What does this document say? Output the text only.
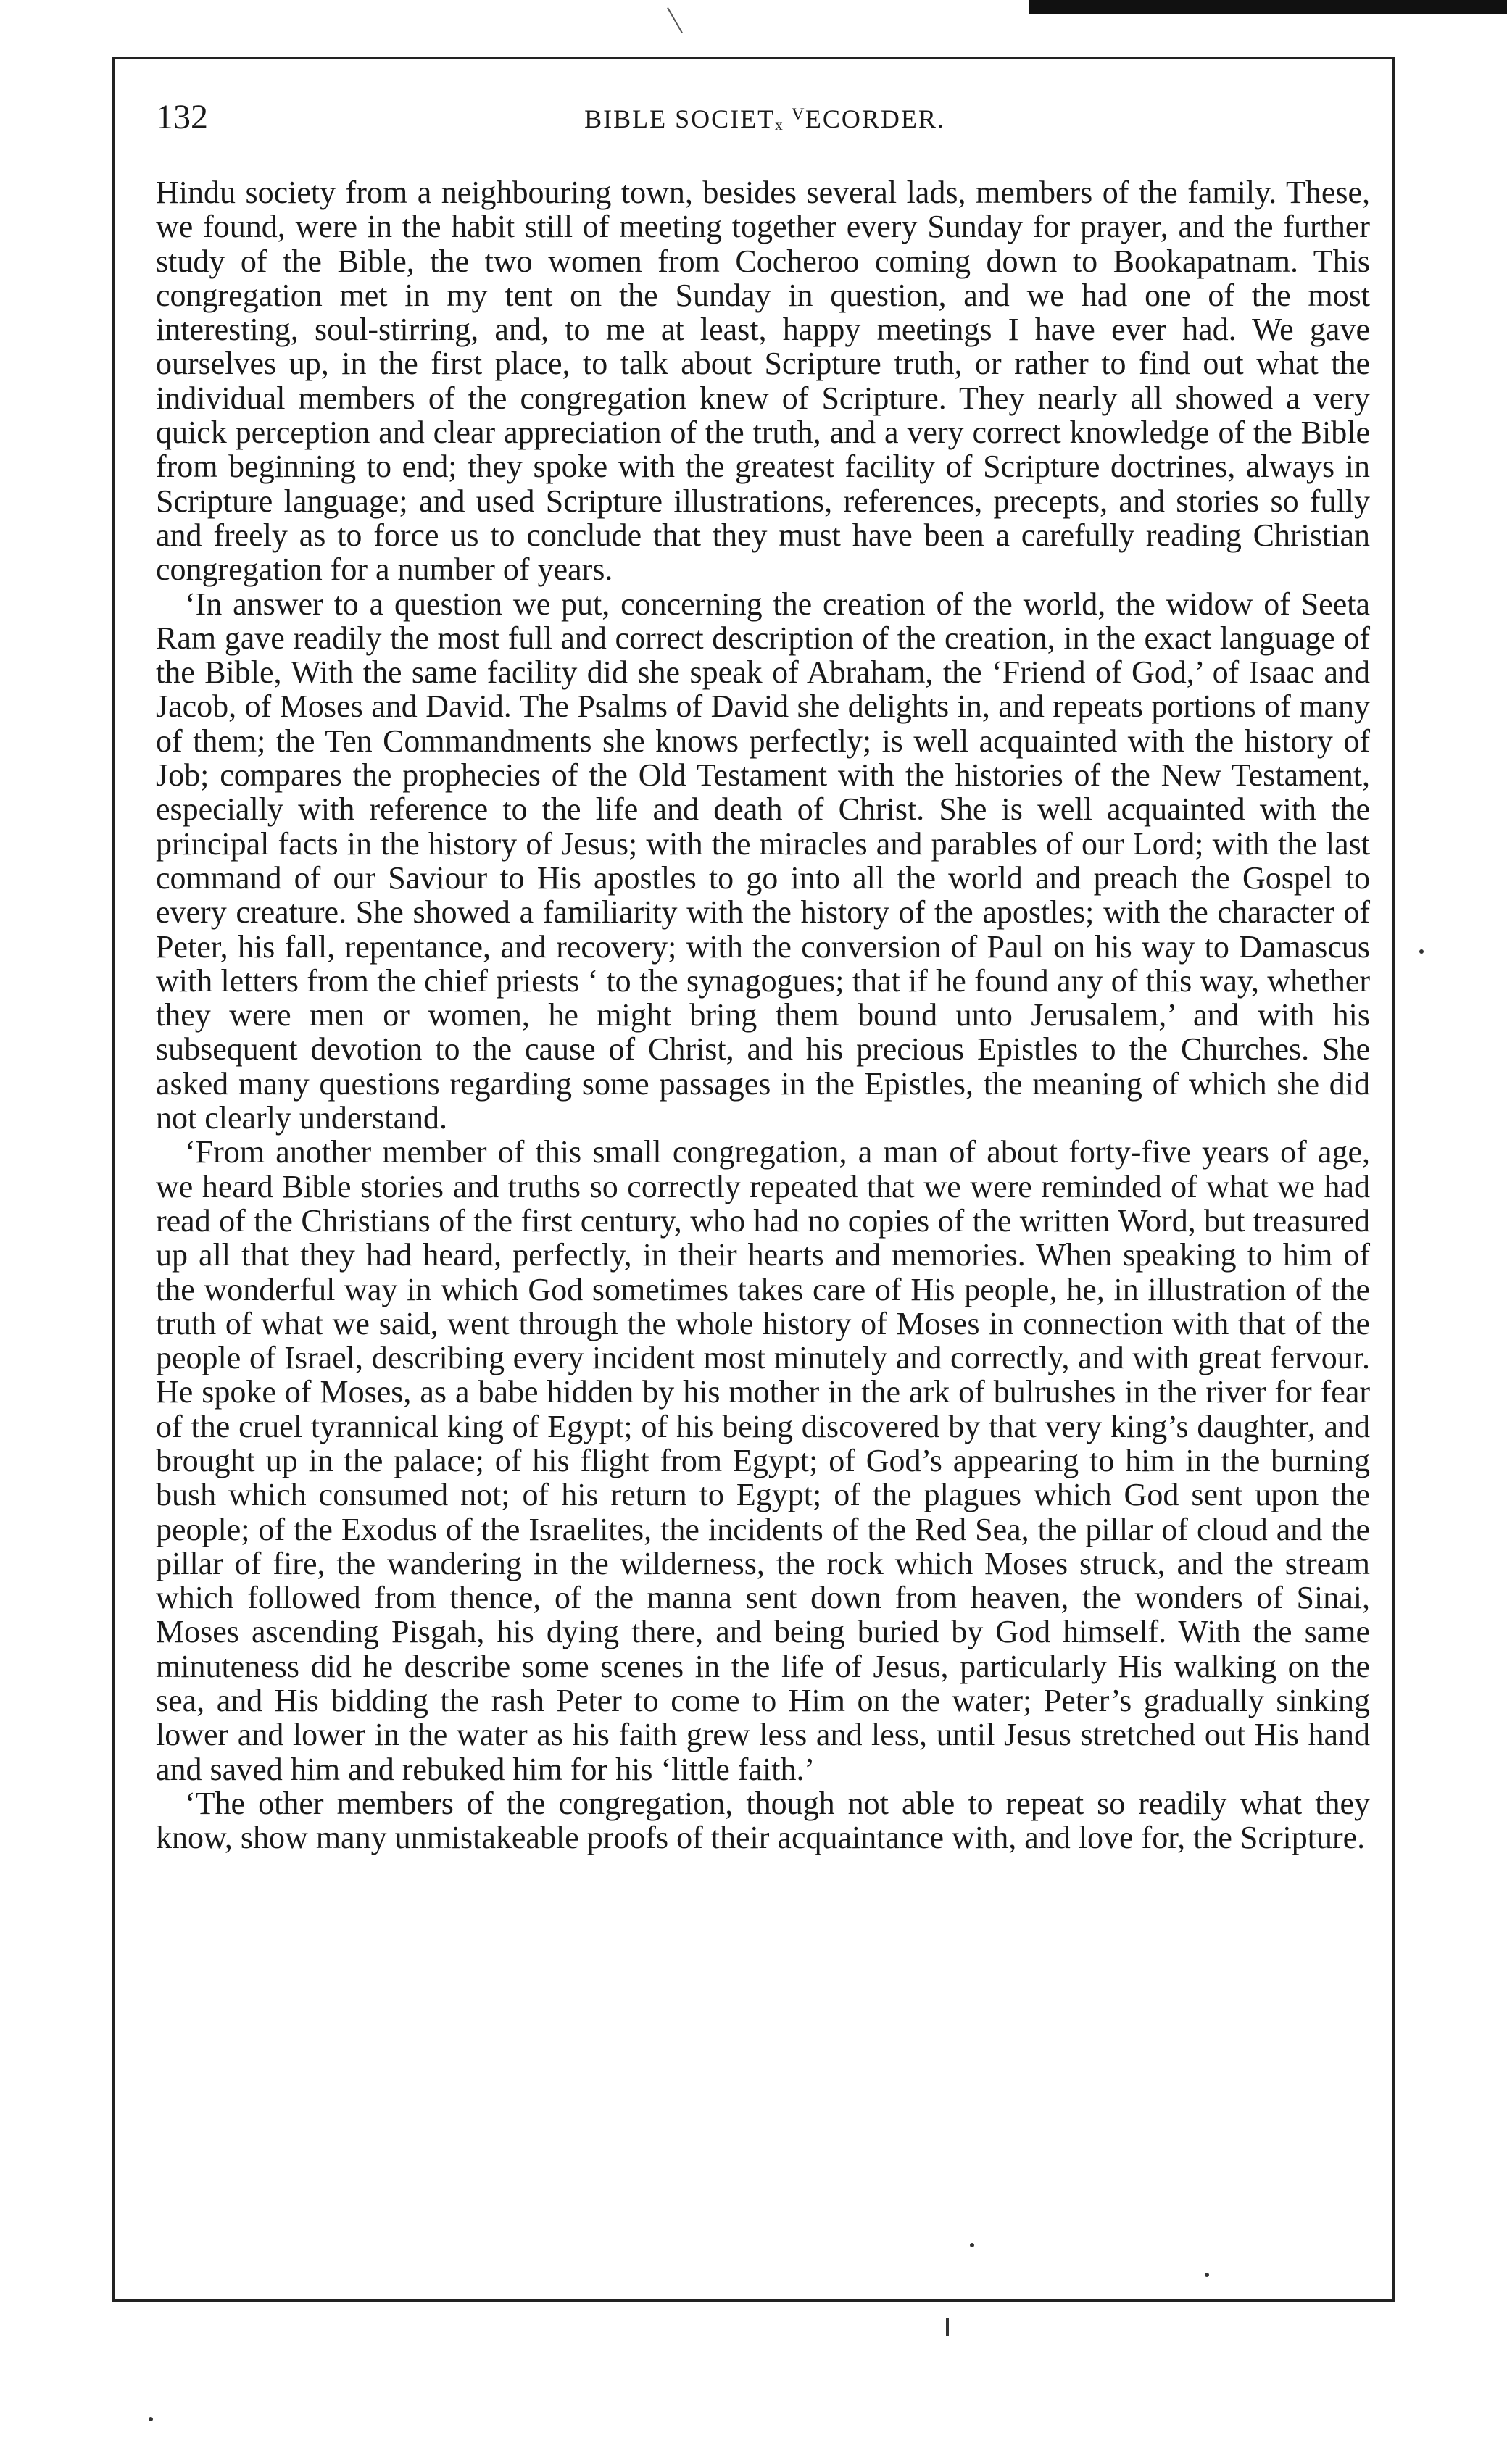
132	BIBLE SOCIETₓ ⱽECORDER.

Hindu society from a neighbouring town, besides several lads, members of the family. These, we found, were in the habit still of meeting together every Sunday for prayer, and the further study of the Bible, the two women from Cocheroo coming down to Bookapatnam. This congregation met in my tent on the Sunday in question, and we had one of the most interesting, soul-stirring, and, to me at least, happy meetings I have ever had. We gave ourselves up, in the first place, to talk about Scripture truth, or rather to find out what the individual members of the congregation knew of Scripture. They nearly all showed a very quick perception and clear appreciation of the truth, and a very correct knowledge of the Bible from beginning to end; they spoke with the greatest facility of Scripture doctrines, always in Scripture language; and used Scripture illustrations, references, precepts, and stories so fully and freely as to force us to conclude that they must have been a carefully reading Christian congregation for a number of years.

‘In answer to a question we put, concerning the creation of the world, the widow of Seeta Ram gave readily the most full and correct description of the creation, in the exact language of the Bible, With the same facility did she speak of Abraham, the ‘Friend of God,’ of Isaac and Jacob, of Moses and David. The Psalms of David she delights in, and repeats portions of many of them; the Ten Commandments she knows perfectly; is well acquainted with the history of Job; compares the prophecies of the Old Testament with the histories of the New Testament, especially with reference to the life and death of Christ. She is well acquainted with the principal facts in the history of Jesus; with the miracles and parables of our Lord; with the last command of our Saviour to His apostles to go into all the world and preach the Gospel to every creature. She showed a familiarity with the history of the apostles; with the character of Peter, his fall, repentance, and recovery; with the conversion of Paul on his way to Damascus with letters from the chief priests ‘ to the synagogues; that if he found any of this way, whether they were men or women, he might bring them bound unto Jerusalem,’ and with his subsequent devotion to the cause of Christ, and his precious Epistles to the Churches. She asked many questions regarding some passages in the Epistles, the meaning of which she did not clearly understand.

‘From another member of this small congregation, a man of about forty-five years of age, we heard Bible stories and truths so correctly repeated that we were reminded of what we had read of the Christians of the first century, who had no copies of the written Word, but treasured up all that they had heard, perfectly, in their hearts and memories. When speaking to him of the wonderful way in which God sometimes takes care of His people, he, in illustration of the truth of what we said, went through the whole history of Moses in connection with that of the people of Israel, describing every incident most minutely and correctly, and with great fervour. He spoke of Moses, as a babe hidden by his mother in the ark of bulrushes in the river for fear of the cruel tyrannical king of Egypt; of his being discovered by that very king’s daughter, and brought up in the palace; of his flight from Egypt; of God’s appearing to him in the burning bush which consumed not; of his return to Egypt; of the plagues which God sent upon the people; of the Exodus of the Israelites, the incidents of the Red Sea, the pillar of cloud and the pillar of fire, the wandering in the wilderness, the rock which Moses struck, and the stream which followed from thence, of the manna sent down from heaven, the wonders of Sinai, Moses ascending Pisgah, his dying there, and being buried by God himself. With the same minuteness did he describe some scenes in the life of Jesus, particularly His walking on the sea, and His bidding the rash Peter to come to Him on the water; Peter’s gradually sinking lower and lower in the water as his faith grew less and less, until Jesus stretched out His hand and saved him and rebuked him for his ‘little faith.’

‘The other members of the congregation, though not able to repeat so readily what they know, show many unmistakeable proofs of their acquaintance with, and love for, the Scripture.
